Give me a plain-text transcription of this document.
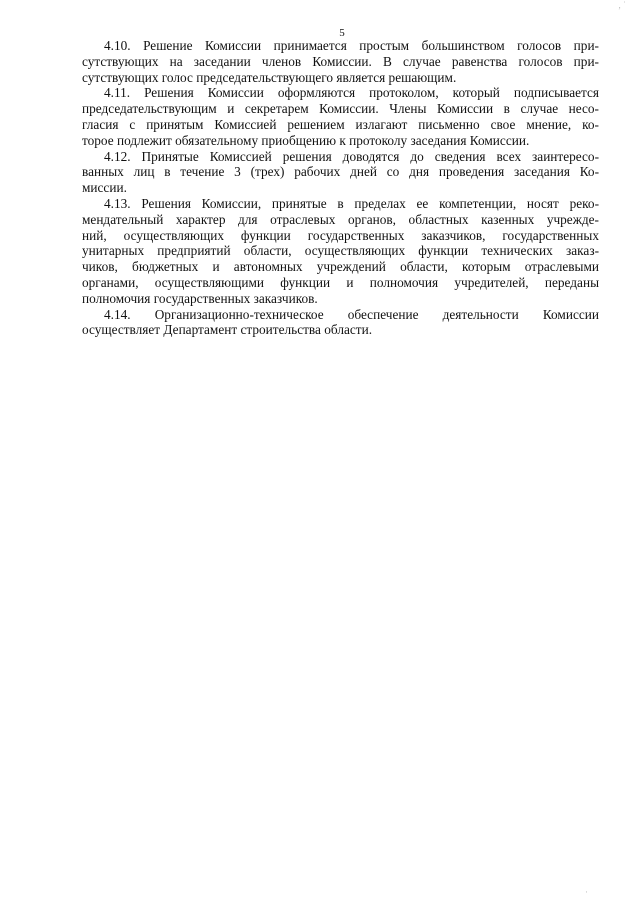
, ˙
5

4.10. Решение Комиссии принимается простым большинством голосов при-
сутствующих на заседании членов Комиссии. В случае равенства голосов при-
сутствующих голос председательствующего является решающим.

4.11. Решения Комиссии оформляются протоколом, который подписывается
председательствующим и секретарем Комиссии. Члены Комиссии в случае несо-
гласия с принятым Комиссией решением излагают письменно свое мнение, ко-
торое подлежит обязательному приобщению к протоколу заседания Комиссии.

4.12. Принятые Комиссией решения доводятся до сведения всех заинтересо-
ванных лиц в течение 3 (трех) рабочих дней со дня проведения заседания Ко-
миссии.

4.13. Решения Комиссии, принятые в пределах ее компетенции, носят реко-
мендательный характер для отраслевых органов, областных казенных учрежде-
ний, осуществляющих функции государственных заказчиков, государственных
унитарных предприятий области, осуществляющих функции технических заказ-
чиков, бюджетных и автономных учреждений области, которым отраслевыми
органами, осуществляющими функции и полномочия учредителей, переданы
полномочия государственных заказчиков.

4.14. Организационно-техническое обеспечение деятельности Комиссии
осуществляет Департамент строительства области.

·
